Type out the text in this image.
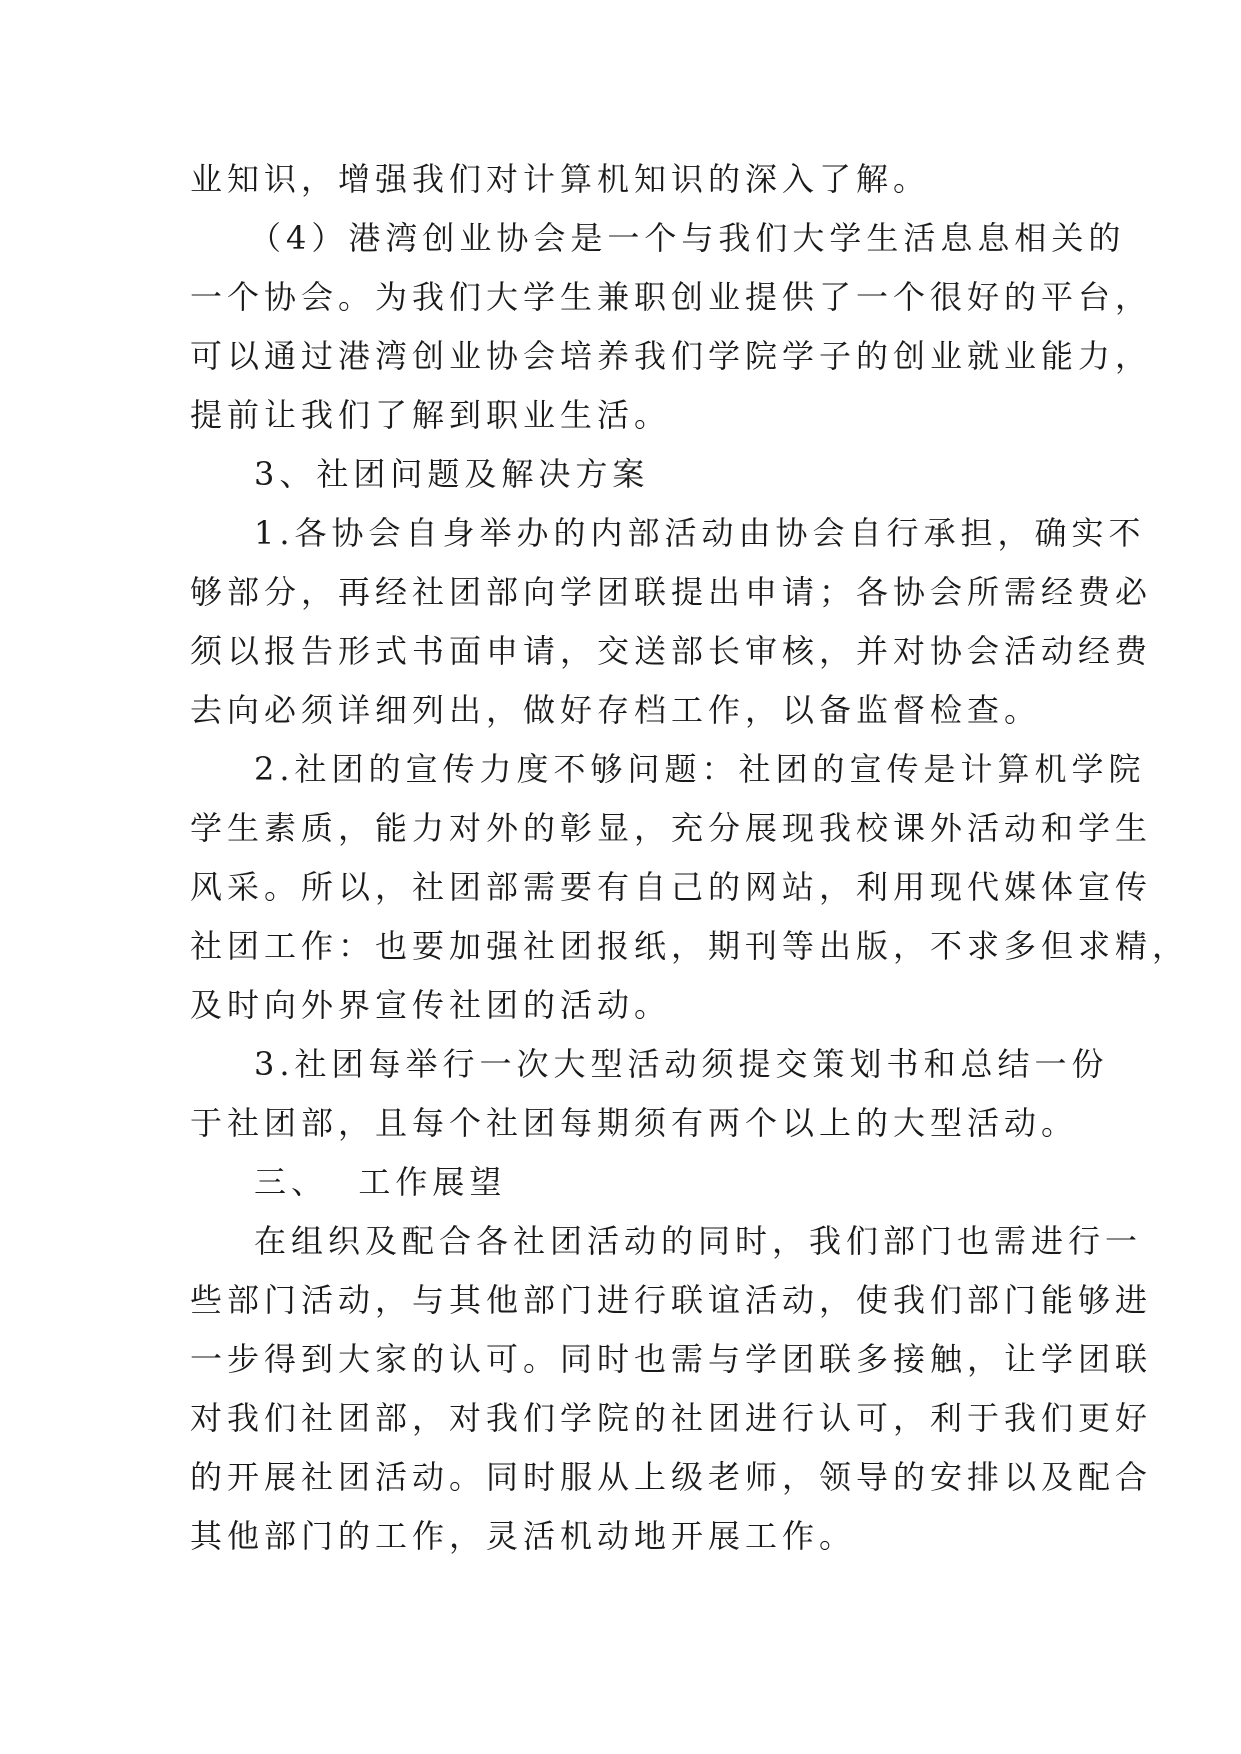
业知识，增强我们对计算机知识的深入了解。
（4）港湾创业协会是一个与我们大学生活息息相关的
一个协会。为我们大学生兼职创业提供了一个很好的平台，
可以通过港湾创业协会培养我们学院学子的创业就业能力，
提前让我们了解到职业生活。
3、社团问题及解决方案
1.各协会自身举办的内部活动由协会自行承担，确实不
够部分，再经社团部向学团联提出申请；各协会所需经费必
须以报告形式书面申请，交送部长审核，并对协会活动经费
去向必须详细列出，做好存档工作，以备监督检查。
2.社团的宣传力度不够问题：社团的宣传是计算机学院
学生素质，能力对外的彰显，充分展现我校课外活动和学生
风采。所以，社团部需要有自己的网站，利用现代媒体宣传
社团工作：也要加强社团报纸，期刊等出版，不求多但求精，
及时向外界宣传社团的活动。
3.社团每举行一次大型活动须提交策划书和总结一份
于社团部，且每个社团每期须有两个以上的大型活动。
三、  工作展望
在组织及配合各社团活动的同时，我们部门也需进行一
些部门活动，与其他部门进行联谊活动，使我们部门能够进
一步得到大家的认可。同时也需与学团联多接触，让学团联
对我们社团部，对我们学院的社团进行认可，利于我们更好
的开展社团活动。同时服从上级老师，领导的安排以及配合
其他部门的工作，灵活机动地开展工作。
